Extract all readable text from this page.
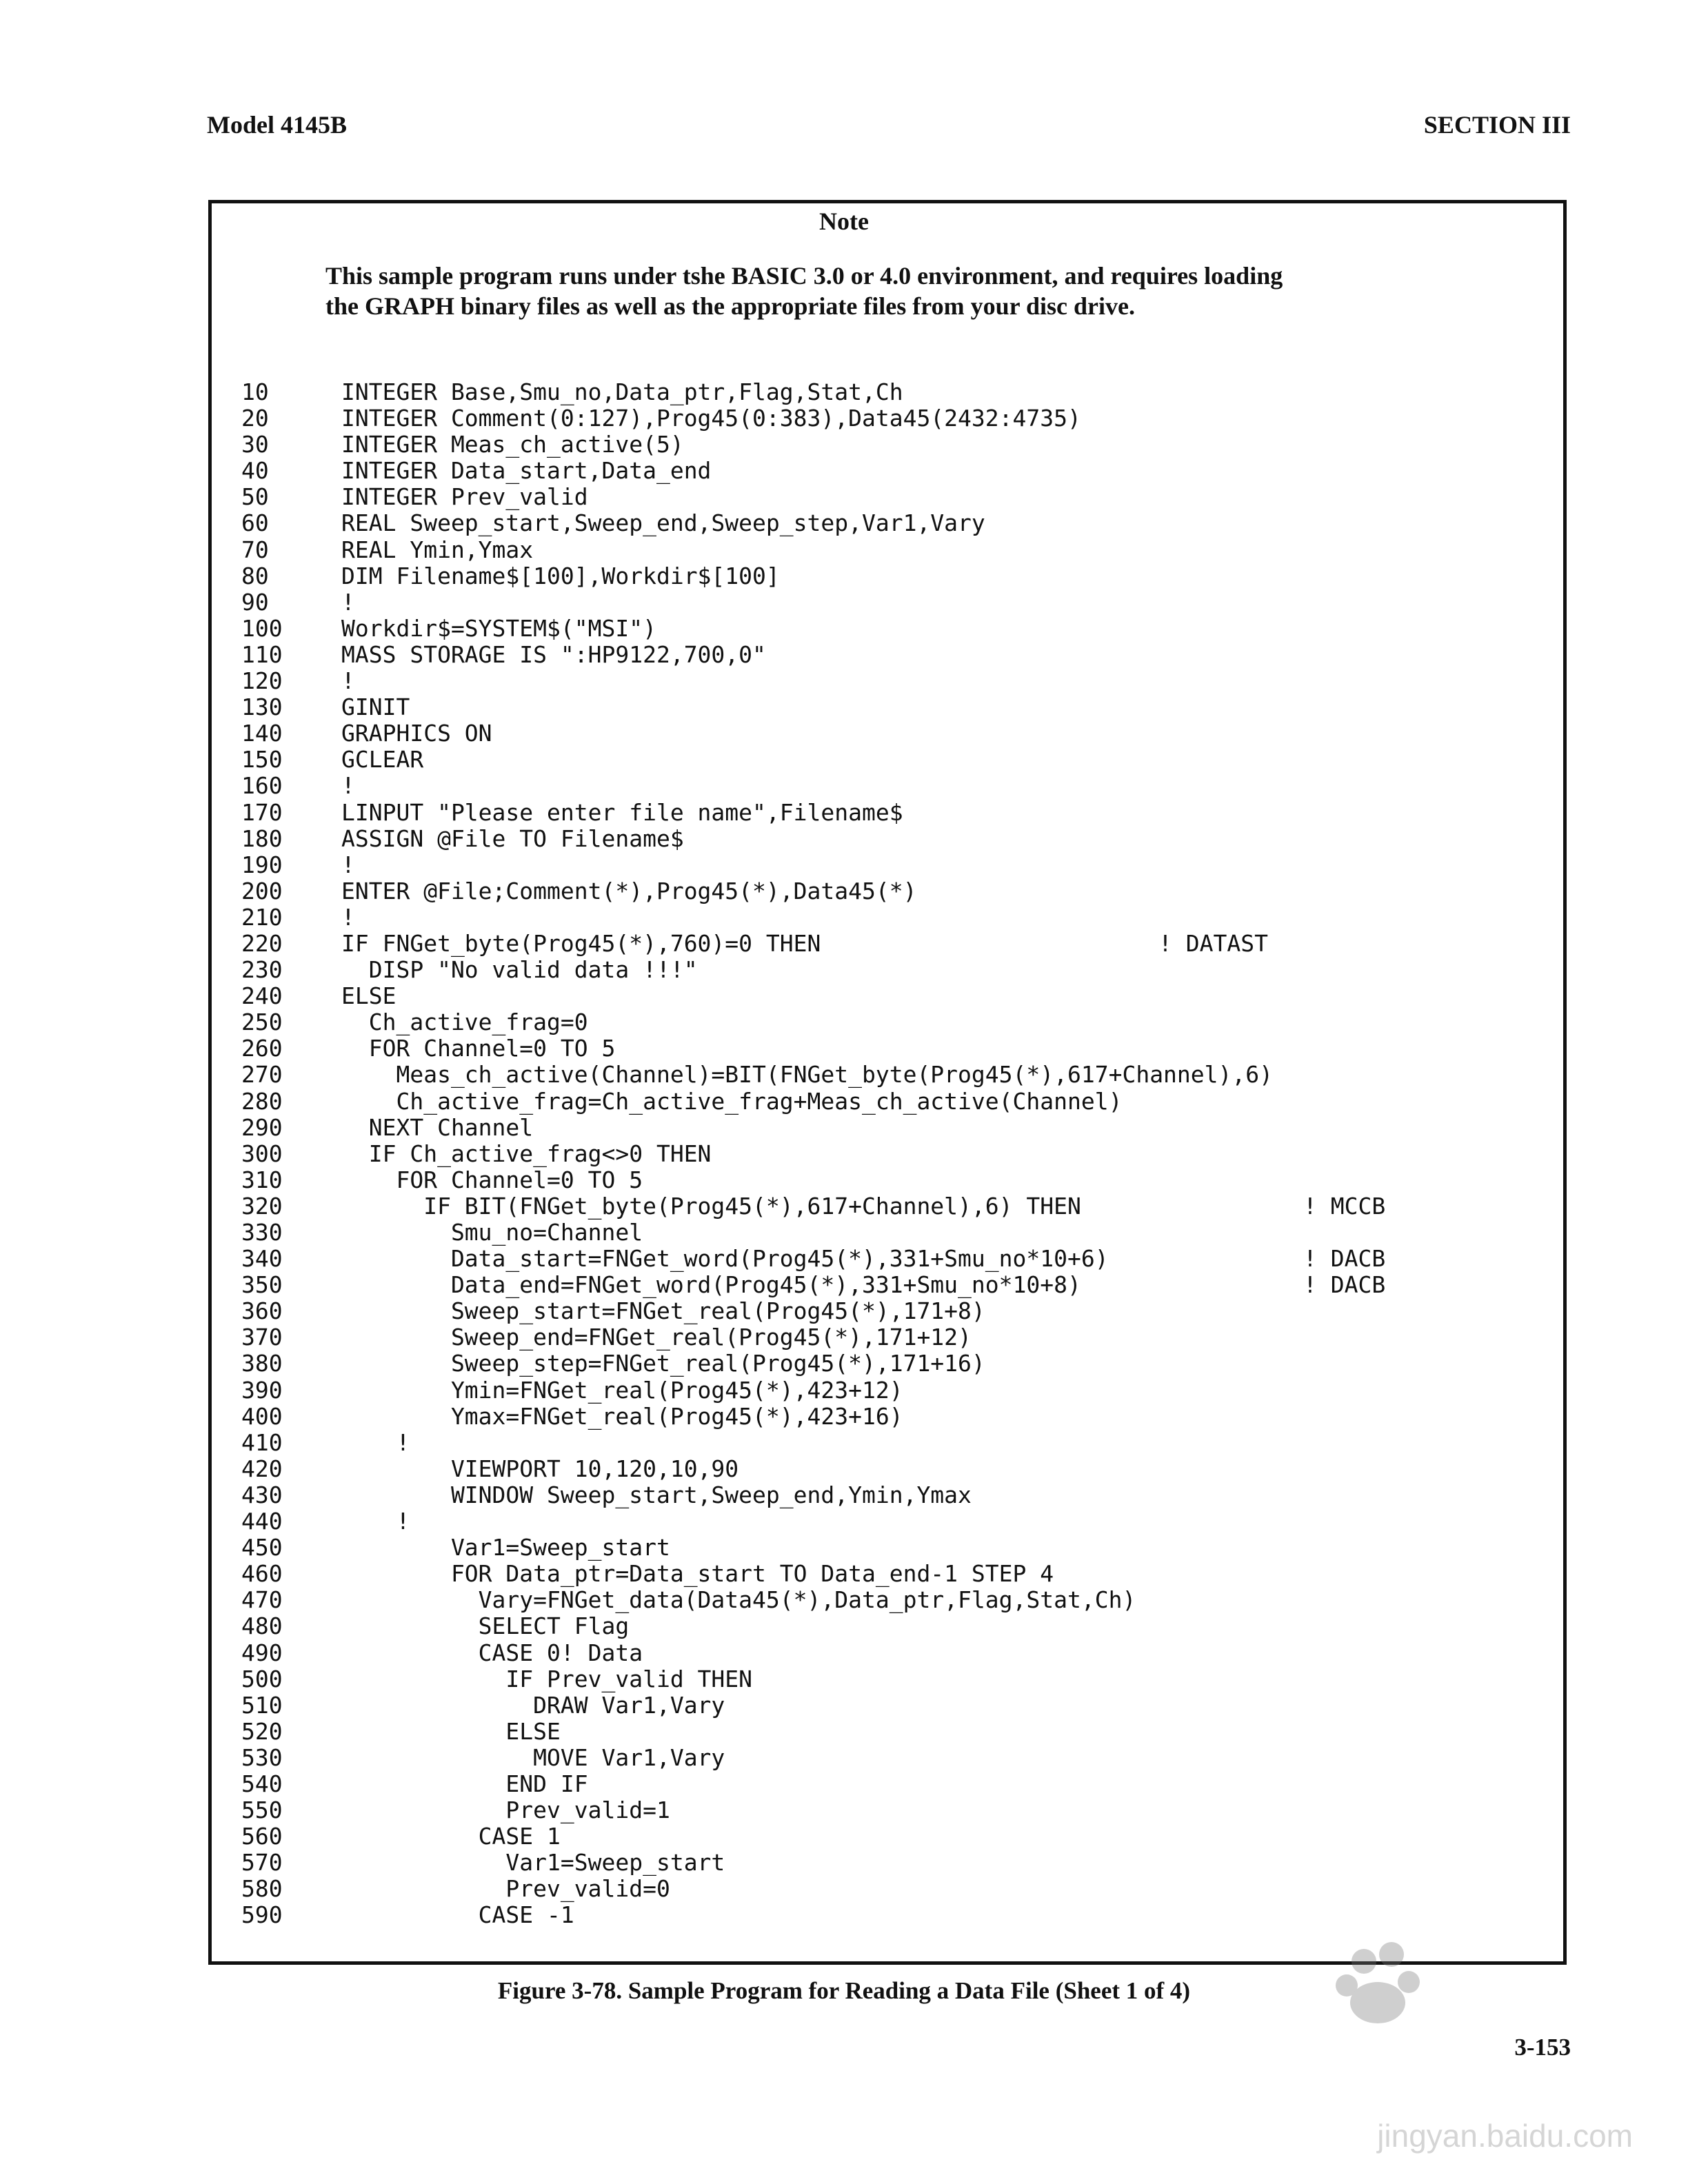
Model 4145B	SECTION III
Note
This sample program runs under tshe BASIC 3.0 or 4.0 environment, and requires loading
the GRAPH binary files as well as the appropriate files from your disc drive.
10	INTEGER Base,Smu_no,Data_ptr,Flag,Stat,Ch
20	INTEGER Comment(0:127),Prog45(0:383),Data45(2432:4735)
30	INTEGER Meas_ch_active(5)
40	INTEGER Data_start,Data_end
50	INTEGER Prev_valid
60	REAL Sweep_start,Sweep_end,Sweep_step,Var1,Vary
70	REAL Ymin,Ymax
80	DIM Filename$[100],Workdir$[100]
90	!
100	Workdir$=SYSTEM$("MSI")
110	MASS STORAGE IS ":HP9122,700,0"
120	!
130	GINIT
140	GRAPHICS ON
150	GCLEAR
160	!
170	LINPUT "Please enter file name",Filename$
180	ASSIGN @File TO Filename$
190	!
200	ENTER @File;Comment(*),Prog45(*),Data45(*)
210	!
220	IF FNGet_byte(Prog45(*),760)=0 THEN	! DATAST
230	DISP "No valid data !!!"
240	ELSE
250	Ch_active_frag=0
260	FOR Channel=0 TO 5
270	Meas_ch_active(Channel)=BIT(FNGet_byte(Prog45(*),617+Channel),6)
280	Ch_active_frag=Ch_active_frag+Meas_ch_active(Channel)
290	NEXT Channel
300	IF Ch_active_frag<>0 THEN
310	FOR Channel=0 TO 5
320	IF BIT(FNGet_byte(Prog45(*),617+Channel),6) THEN	! MCCB
330	Smu_no=Channel
340	Data_start=FNGet_word(Prog45(*),331+Smu_no*10+6)	! DACB
350	Data_end=FNGet_word(Prog45(*),331+Smu_no*10+8)	! DACB
360	Sweep_start=FNGet_real(Prog45(*),171+8)
370	Sweep_end=FNGet_real(Prog45(*),171+12)
380	Sweep_step=FNGet_real(Prog45(*),171+16)
390	Ymin=FNGet_real(Prog45(*),423+12)
400	Ymax=FNGet_real(Prog45(*),423+16)
410	!
420	VIEWPORT 10,120,10,90
430	WINDOW Sweep_start,Sweep_end,Ymin,Ymax
440	!
450	Var1=Sweep_start
460	FOR Data_ptr=Data_start TO Data_end-1 STEP 4
470	Vary=FNGet_data(Data45(*),Data_ptr,Flag,Stat,Ch)
480	SELECT Flag
490	CASE 0! Data
500	IF Prev_valid THEN
510	DRAW Var1,Vary
520	ELSE
530	MOVE Var1,Vary
540	END IF
550	Prev_valid=1
560	CASE 1
570	Var1=Sweep_start
580	Prev_valid=0
590	CASE -1
Figure 3-78. Sample Program for Reading a Data File (Sheet 1 of 4)
3-153
jingyan.baidu.com
